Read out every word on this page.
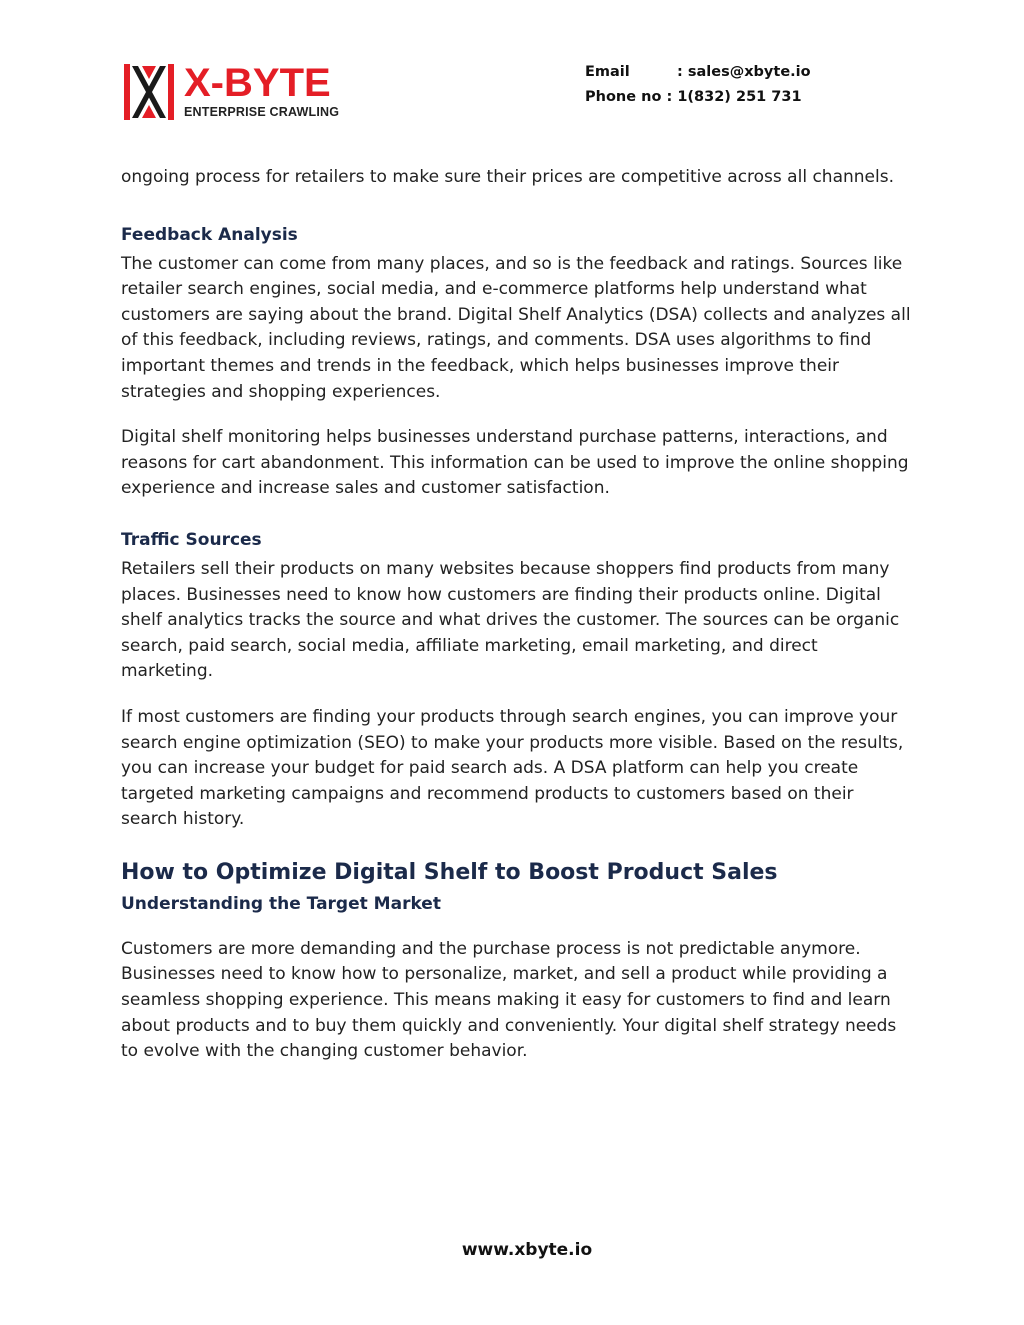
X-BYTE
ENTERPRISE CRAWLING
Email	: sales@xbyte.io
Phone no : 1(832) 251 731

ongoing process for retailers to make sure their prices are competitive across all channels.

Feedback Analysis

The customer can come from many places, and so is the feedback and ratings. Sources like retailer search engines, social media, and e-commerce platforms help understand what customers are saying about the brand. Digital Shelf Analytics (DSA) collects and analyzes all of this feedback, including reviews, ratings, and comments. DSA uses algorithms to find important themes and trends in the feedback, which helps businesses improve their strategies and shopping experiences.

Digital shelf monitoring helps businesses understand purchase patterns, interactions, and reasons for cart abandonment. This information can be used to improve the online shopping experience and increase sales and customer satisfaction.

Traffic Sources

Retailers sell their products on many websites because shoppers find products from many places. Businesses need to know how customers are finding their products online. Digital shelf analytics tracks the source and what drives the customer. The sources can be organic search, paid search, social media, affiliate marketing, email marketing, and direct marketing.

If most customers are finding your products through search engines, you can improve your search engine optimization (SEO) to make your products more visible. Based on the results, you can increase your budget for paid search ads. A DSA platform can help you create targeted marketing campaigns and recommend products to customers based on their search history.

How to Optimize Digital Shelf to Boost Product Sales
Understanding the Target Market

Customers are more demanding and the purchase process is not predictable anymore. Businesses need to know how to personalize, market, and sell a product while providing a seamless shopping experience. This means making it easy for customers to find and learn about products and to buy them quickly and conveniently. Your digital shelf strategy needs to evolve with the changing customer behavior.

www.xbyte.io
